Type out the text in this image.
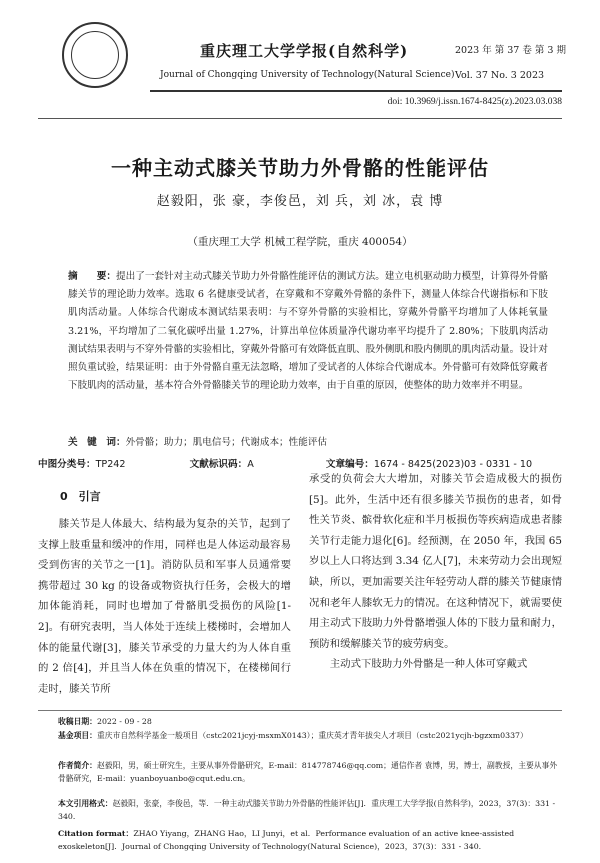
重庆理工大学学报(自然科学)
Journal of Chongqing University of Technology(Natural Science)
2023 年 第 37 卷 第 3 期
Vol. 37 No. 3 2023
doi: 10.3969/j.issn.1674-8425(z).2023.03.038
一种主动式膝关节助力外骨骼的性能评估
赵毅阳，张 豪，李俊邑，刘 兵，刘 冰，袁 博
（重庆理工大学 机械工程学院，重庆 400054）
摘　　要：提出了一套针对主动式膝关节助力外骨骼性能评估的测试方法。建立电机驱动助力模型，计算得外骨骼膝关节的理论助力效率。选取 6 名健康受试者，在穿戴和不穿戴外骨骼的条件下，测量人体综合代谢指标和下肢肌肉活动量。人体综合代谢成本测试结果表明：与不穿外骨骼的实验相比，穿戴外骨骼平均增加了人体耗氧量 3.21%，平均增加了二氧化碳呼出量 1.27%，计算出单位体质量净代谢功率平均提升了 2.80%；下肢肌肉活动测试结果表明与不穿外骨骼的实验相比，穿戴外骨骼可有效降低直肌、股外侧肌和股内侧肌的肌肉活动量。设计对照负重试验，结果证明：由于外骨骼自重无法忽略，增加了受试者的人体综合代谢成本。外骨骼可有效降低穿戴者下肢肌肉的活动量，基本符合外骨骼膝关节的理论助力效率，由于自重的原因，使整体的助力效率并不明显。
关　键　词：外骨骼；助力；肌电信号；代谢成本；性能评估
中图分类号：TP242	文献标识码：A	文章编号：1674 - 8425(2023)03 - 0331 - 10
0　引言

膝关节是人体最大、结构最为复杂的关节，起到了支撑上肢重量和缓冲的作用，同样也是人体运动最容易受到伤害的关节之一[1]。消防队员和军事人员通常要携带超过 30 kg 的设备或物资执行任务，会极大的增加体能消耗，同时也增加了骨骼肌受损伤的风险[1-2]。有研究表明，当人体处于连续上楼梯时，会增加人体的能量代谢[3]，膝关节承受的力量大约为人体自重的 2 倍[4]，并且当人体在负重的情况下，在楼梯间行走时，膝关节所

承受的负荷会大大增加，对膝关节会造成极大的损伤[5]。此外，生活中还有很多膝关节损伤的患者，如骨性关节炎、髌骨软化症和半月板损伤等疾病造成患者膝关节行走能力退化[6]。经预测，在 2050 年，我国 65 岁以上人口将达到 3.34 亿人[7]，未来劳动力会出现短缺，所以，更加需要关注年轻劳动人群的膝关节健康情况和老年人膝软无力的情况。在这种情况下，就需要使用主动式下肢助力外骨骼增强人体的下肢力量和耐力，预防和缓解膝关节的疲劳病变。

主动式下肢助力外骨骼是一种人体可穿戴式

收稿日期：2022 - 09 - 28
基金项目：重庆市自然科学基金一般项目（cstc2021jcyj-msxmX0143）；重庆英才青年拔尖人才项目（cstc2021ycjh-bgzxm0337）
作者简介：赵毅阳，男，硕士研究生，主要从事外骨骼研究，E-mail：814778746@qq.com；通信作者 袁博，男，博士，副教授，主要从事外骨骼研究，E-mail：yuanboyuanbo@cqut.edu.cn。
本文引用格式：赵毅阳，张豪，李俊邑，等．一种主动式膝关节助力外骨骼的性能评估[J]．重庆理工大学学报(自然科学)，2023，37(3)：331 - 340．
Citation format：ZHAO Yiyang，ZHANG Hao，LI Junyi，et al．Performance evaluation of an active knee-assisted exoskeleton[J]．Journal of Chongqing University of Technology(Natural Science)，2023，37(3)：331 - 340.
